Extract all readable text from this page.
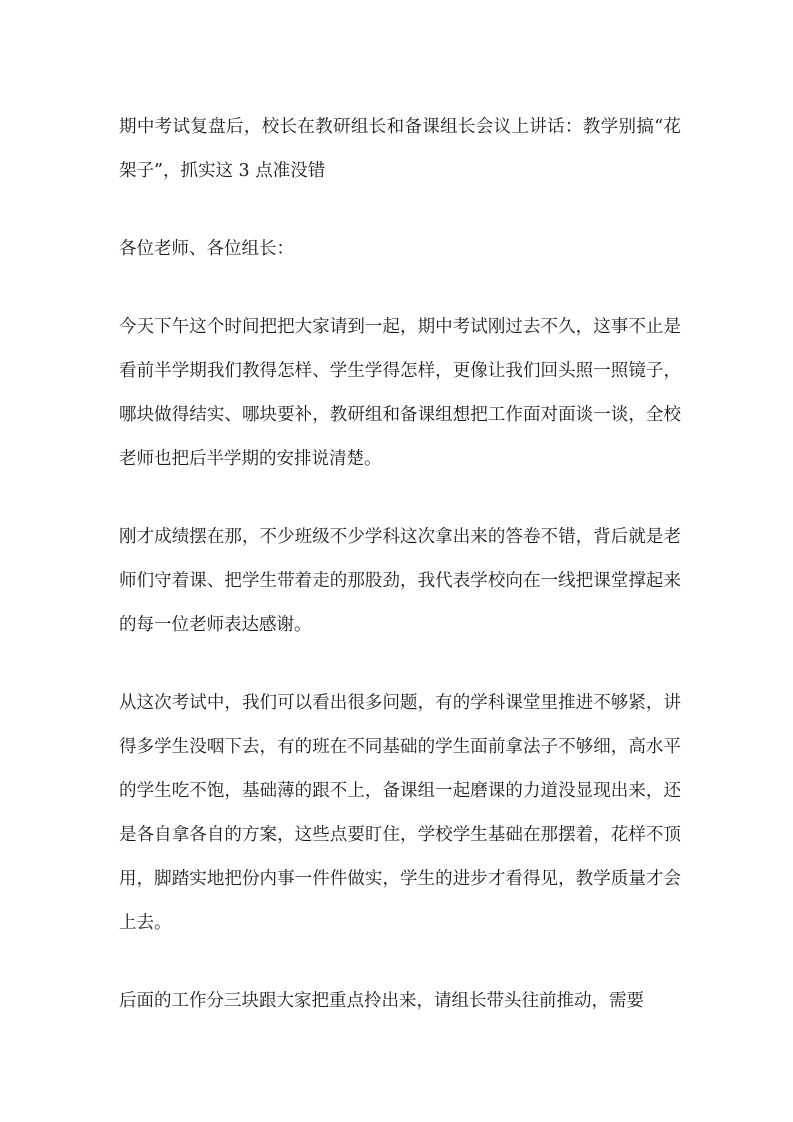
期中考试复盘后，校长在教研组长和备课组长会议上讲话：教学别搞“花架子”，抓实这 3 点准没错

各位老师、各位组长：

今天下午这个时间把把大家请到一起，期中考试刚过去不久，这事不止是看前半学期我们教得怎样、学生学得怎样，更像让我们回头照一照镜子，哪块做得结实、哪块要补，教研组和备课组想把工作面对面谈一谈，全校老师也把后半学期的安排说清楚。

刚才成绩摆在那，不少班级不少学科这次拿出来的答卷不错，背后就是老师们守着课、把学生带着走的那股劲，我代表学校向在一线把课堂撑起来的每一位老师表达感谢。

从这次考试中，我们可以看出很多问题，有的学科课堂里推进不够紧，讲得多学生没咽下去，有的班在不同基础的学生面前拿法子不够细，高水平的学生吃不饱，基础薄的跟不上，备课组一起磨课的力道没显现出来，还是各自拿各自的方案，这些点要盯住，学校学生基础在那摆着，花样不顶用，脚踏实地把份内事一件件做实，学生的进步才看得见，教学质量才会上去。

后面的工作分三块跟大家把重点拎出来，请组长带头往前推动，需要
